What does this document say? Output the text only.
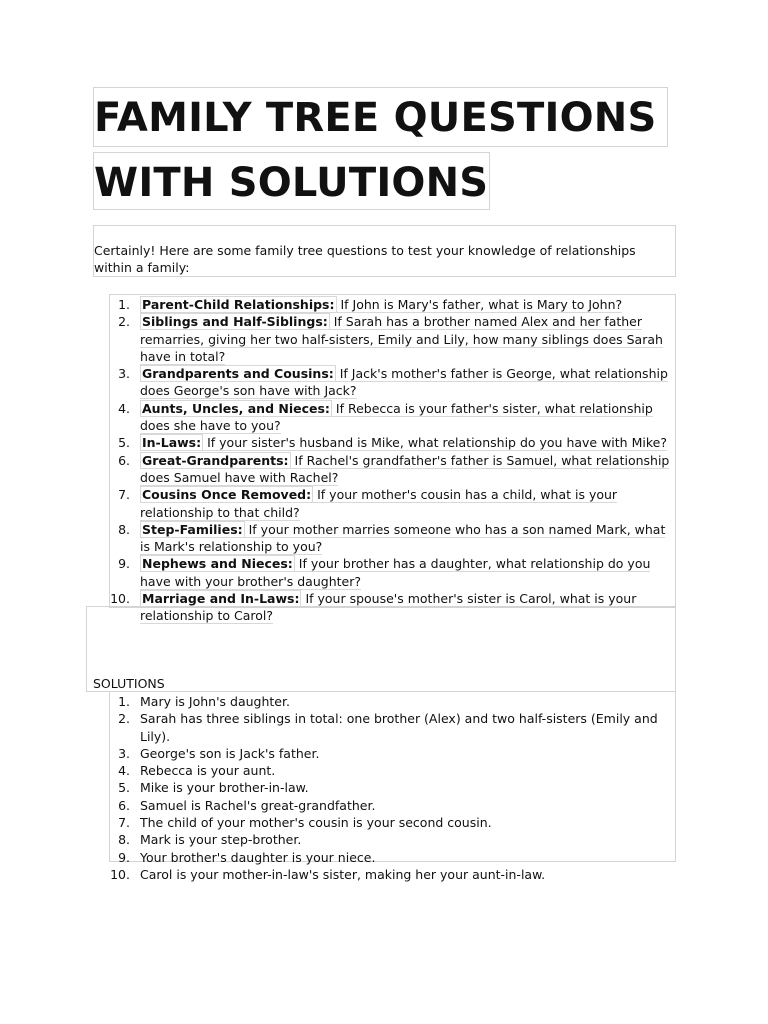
FAMILY TREE QUESTIONS
WITH SOLUTIONS
Certainly! Here are some family tree questions to test your knowledge of relationships within a family:
1. Parent-Child Relationships: If John is Mary's father, what is Mary to John?
2. Siblings and Half-Siblings: If Sarah has a brother named Alex and her father remarries, giving her two half-sisters, Emily and Lily, how many siblings does Sarah have in total?
3. Grandparents and Cousins: If Jack's mother's father is George, what relationship does George's son have with Jack?
4. Aunts, Uncles, and Nieces: If Rebecca is your father's sister, what relationship does she have to you?
5. In-Laws: If your sister's husband is Mike, what relationship do you have with Mike?
6. Great-Grandparents: If Rachel's grandfather's father is Samuel, what relationship does Samuel have with Rachel?
7. Cousins Once Removed: If your mother's cousin has a child, what is your relationship to that child?
8. Step-Families: If your mother marries someone who has a son named Mark, what is Mark's relationship to you?
9. Nephews and Nieces: If your brother has a daughter, what relationship do you have with your brother's daughter?
10. Marriage and In-Laws: If your spouse's mother's sister is Carol, what is your relationship to Carol?
SOLUTIONS
1. Mary is John's daughter.
2. Sarah has three siblings in total: one brother (Alex) and two half-sisters (Emily and Lily).
3. George's son is Jack's father.
4. Rebecca is your aunt.
5. Mike is your brother-in-law.
6. Samuel is Rachel's great-grandfather.
7. The child of your mother's cousin is your second cousin.
8. Mark is your step-brother.
9. Your brother's daughter is your niece.
10. Carol is your mother-in-law's sister, making her your aunt-in-law.
